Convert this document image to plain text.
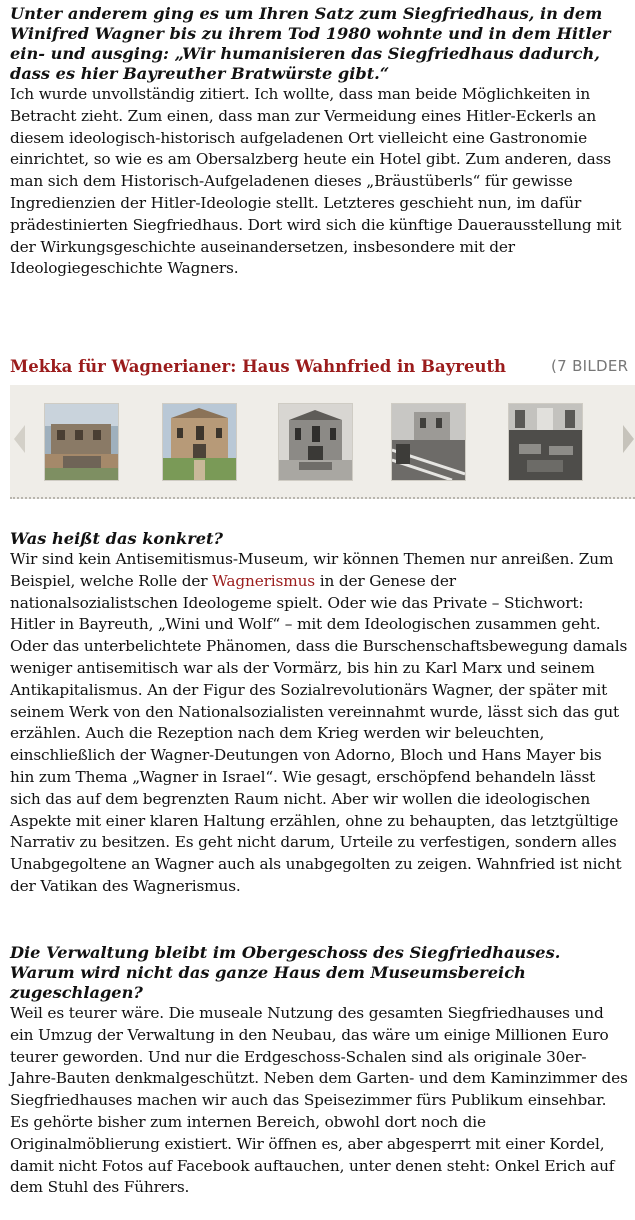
Unter anderem ging es um Ihren Satz zum Siegfriedhaus, in dem Winifred Wagner bis zu ihrem Tod 1980 wohnte und in dem Hitler ein- und ausging: „Wir humanisieren das Siegfriedhaus dadurch, dass es hier Bayreuther Bratwürste gibt.“

Ich wurde unvollständig zitiert. Ich wollte, dass man beide Möglichkeiten in Betracht zieht. Zum einen, dass man zur Vermeidung eines Hitler-Eckerls an diesem ideologisch-historisch aufgeladenen Ort vielleicht eine Gastronomie einrichtet, so wie es am Obersalzberg heute ein Hotel gibt. Zum anderen, dass man sich dem Historisch-Aufgeladenen dieses „Bräustüberls“ für gewisse Ingredienzien der Hitler-Ideologie stellt. Letzteres geschieht nun, im dafür prädestinierten Siegfriedhaus. Dort wird sich die künftige Dauerausstellung mit der Wirkungsgeschichte auseinandersetzen, insbesondere mit der Ideologiegeschichte Wagners.

Mekka für Wagnerianer: Haus Wahnfried in Bayreuth	(7 BILDER

Was heißt das konkret?

Wir sind kein Antisemitismus-Museum, wir können Themen nur anreißen. Zum Beispiel, welche Rolle der Wagnerismus in der Genese der nationalsozialistschen Ideologeme spielt. Oder wie das Private – Stichwort: Hitler in Bayreuth, „Wini und Wolf“ – mit dem Ideologischen zusammen geht. Oder das unterbelichtete Phänomen, dass die Burschenschaftsbewegung damals weniger antisemitisch war als der Vormärz, bis hin zu Karl Marx und seinem Antikapitalismus. An der Figur des Sozialrevolutionärs Wagner, der später mit seinem Werk von den Nationalsozialisten vereinnahmt wurde, lässt sich das gut erzählen. Auch die Rezeption nach dem Krieg werden wir beleuchten, einschließlich der Wagner-Deutungen von Adorno, Bloch und Hans Mayer bis hin zum Thema „Wagner in Israel“. Wie gesagt, erschöpfend behandeln lässt sich das auf dem begrenzten Raum nicht. Aber wir wollen die ideologischen Aspekte mit einer klaren Haltung erzählen, ohne zu behaupten, das letztgültige Narrativ zu besitzen. Es geht nicht darum, Urteile zu verfestigen, sondern alles Unabgegoltene an Wagner auch als unabgegolten zu zeigen. Wahnfried ist nicht der Vatikan des Wagnerismus.

Die Verwaltung bleibt im Obergeschoss des Siegfriedhauses. Warum wird nicht das ganze Haus dem Museumsbereich zugeschlagen?

Weil es teurer wäre. Die museale Nutzung des gesamten Siegfriedhauses und ein Umzug der Verwaltung in den Neubau, das wäre um einige Millionen Euro teurer geworden. Und nur die Erdgeschoss-Schalen sind als originale 30er-Jahre-Bauten denkmalgeschützt. Neben dem Garten- und dem Kaminzimmer des Siegfriedhauses machen wir auch das Speisezimmer fürs Publikum einsehbar. Es gehörte bisher zum internen Bereich, obwohl dort noch die Originalmöblierung existiert. Wir öffnen es, aber abgesperrt mit einer Kordel, damit nicht Fotos auf Facebook auftauchen, unter denen steht: Onkel Erich auf dem Stuhl des Führers.
